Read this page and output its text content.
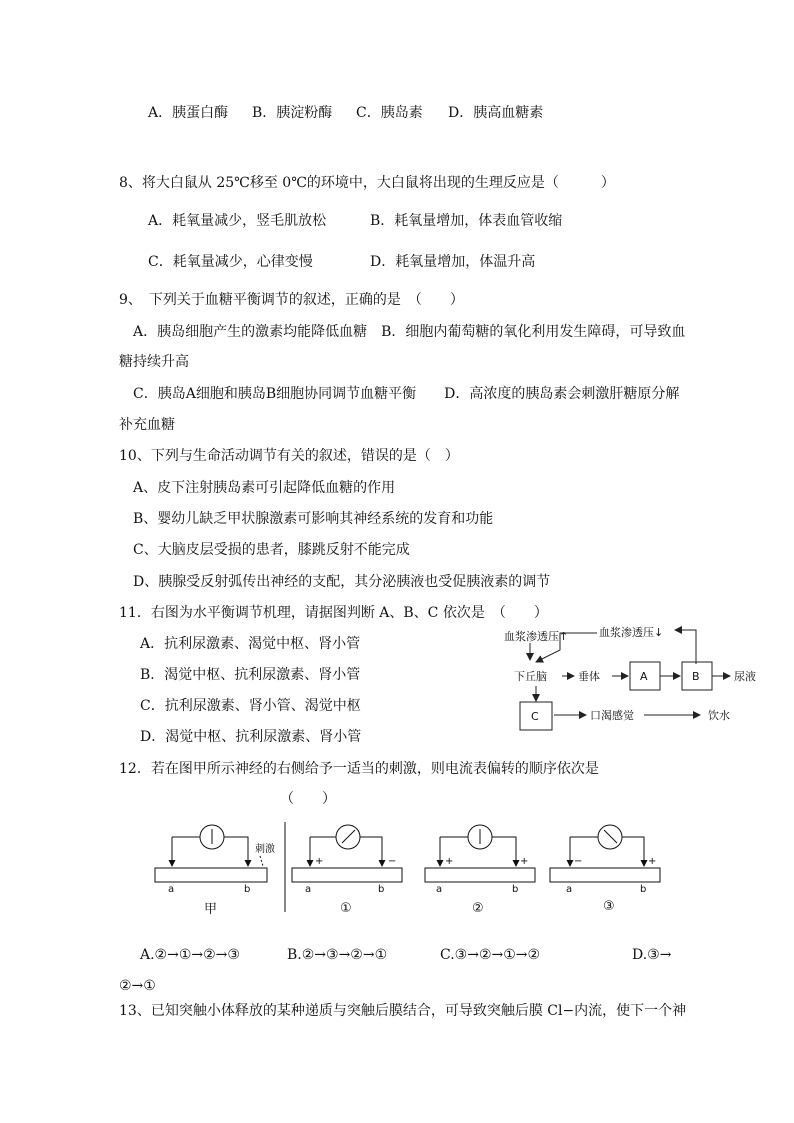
A．胰蛋白酶 B．胰淀粉酶 C．胰岛素 D．胰高血糖素
8、将大白鼠从 25℃移至 0℃的环境中，大白鼠将出现的生理反应是（　　　）
A．耗氧量减少，竖毛肌放松	B．耗氧量增加，体表血管收缩
C．耗氧量减少，心律变慢	D．耗氧量增加，体温升高
9、　下列关于血糖平衡调节的叙述，正确的是　（　　）
A．胰岛细胞产生的激素均能降低血糖　B．细胞内葡萄糖的氧化利用发生障碍，可导致血
糖持续升高
C．胰岛A细胞和胰岛B细胞协同调节血糖平衡　　D．高浓度的胰岛素会刺激肝糖原分解
补充血糖
10、下列与生命活动调节有关的叙述，错误的是（　）
A、皮下注射胰岛素可引起降低血糖的作用
B、婴幼儿缺乏甲状腺激素可影响其神经系统的发育和功能
C、大脑皮层受损的患者，膝跳反射不能完成
D、胰腺受反射弧传出神经的支配，其分泌胰液也受促胰液素的调节
11．右图为水平衡调节机理，请据图判断 A、B、C 依次是　（　　）
A．抗利尿激素、渴觉中枢、肾小管
B．渴觉中枢、抗利尿激素、肾小管
C．抗利尿激素、肾小管、渴觉中枢
D．渴觉中枢、抗利尿激素、肾小管
血浆渗透压↑	血浆渗透压↓
下丘脑	垂体	A	B	尿液
C	口渴感觉	饮水
12．若在图甲所示神经的右侧给予一适当的刺激，则电流表偏转的顺序依次是
（　　）
刺激
a	b	a	b
+	−
a	b
+	+
a	b
−	+
甲	①	②	③
A.②→①→②→③	B.②→③→②→①	C.③→②→①→②	D.③→
②→①
13、已知突触小体释放的某种递质与突触后膜结合，可导致突触后膜 Cl−内流，使下一个神
